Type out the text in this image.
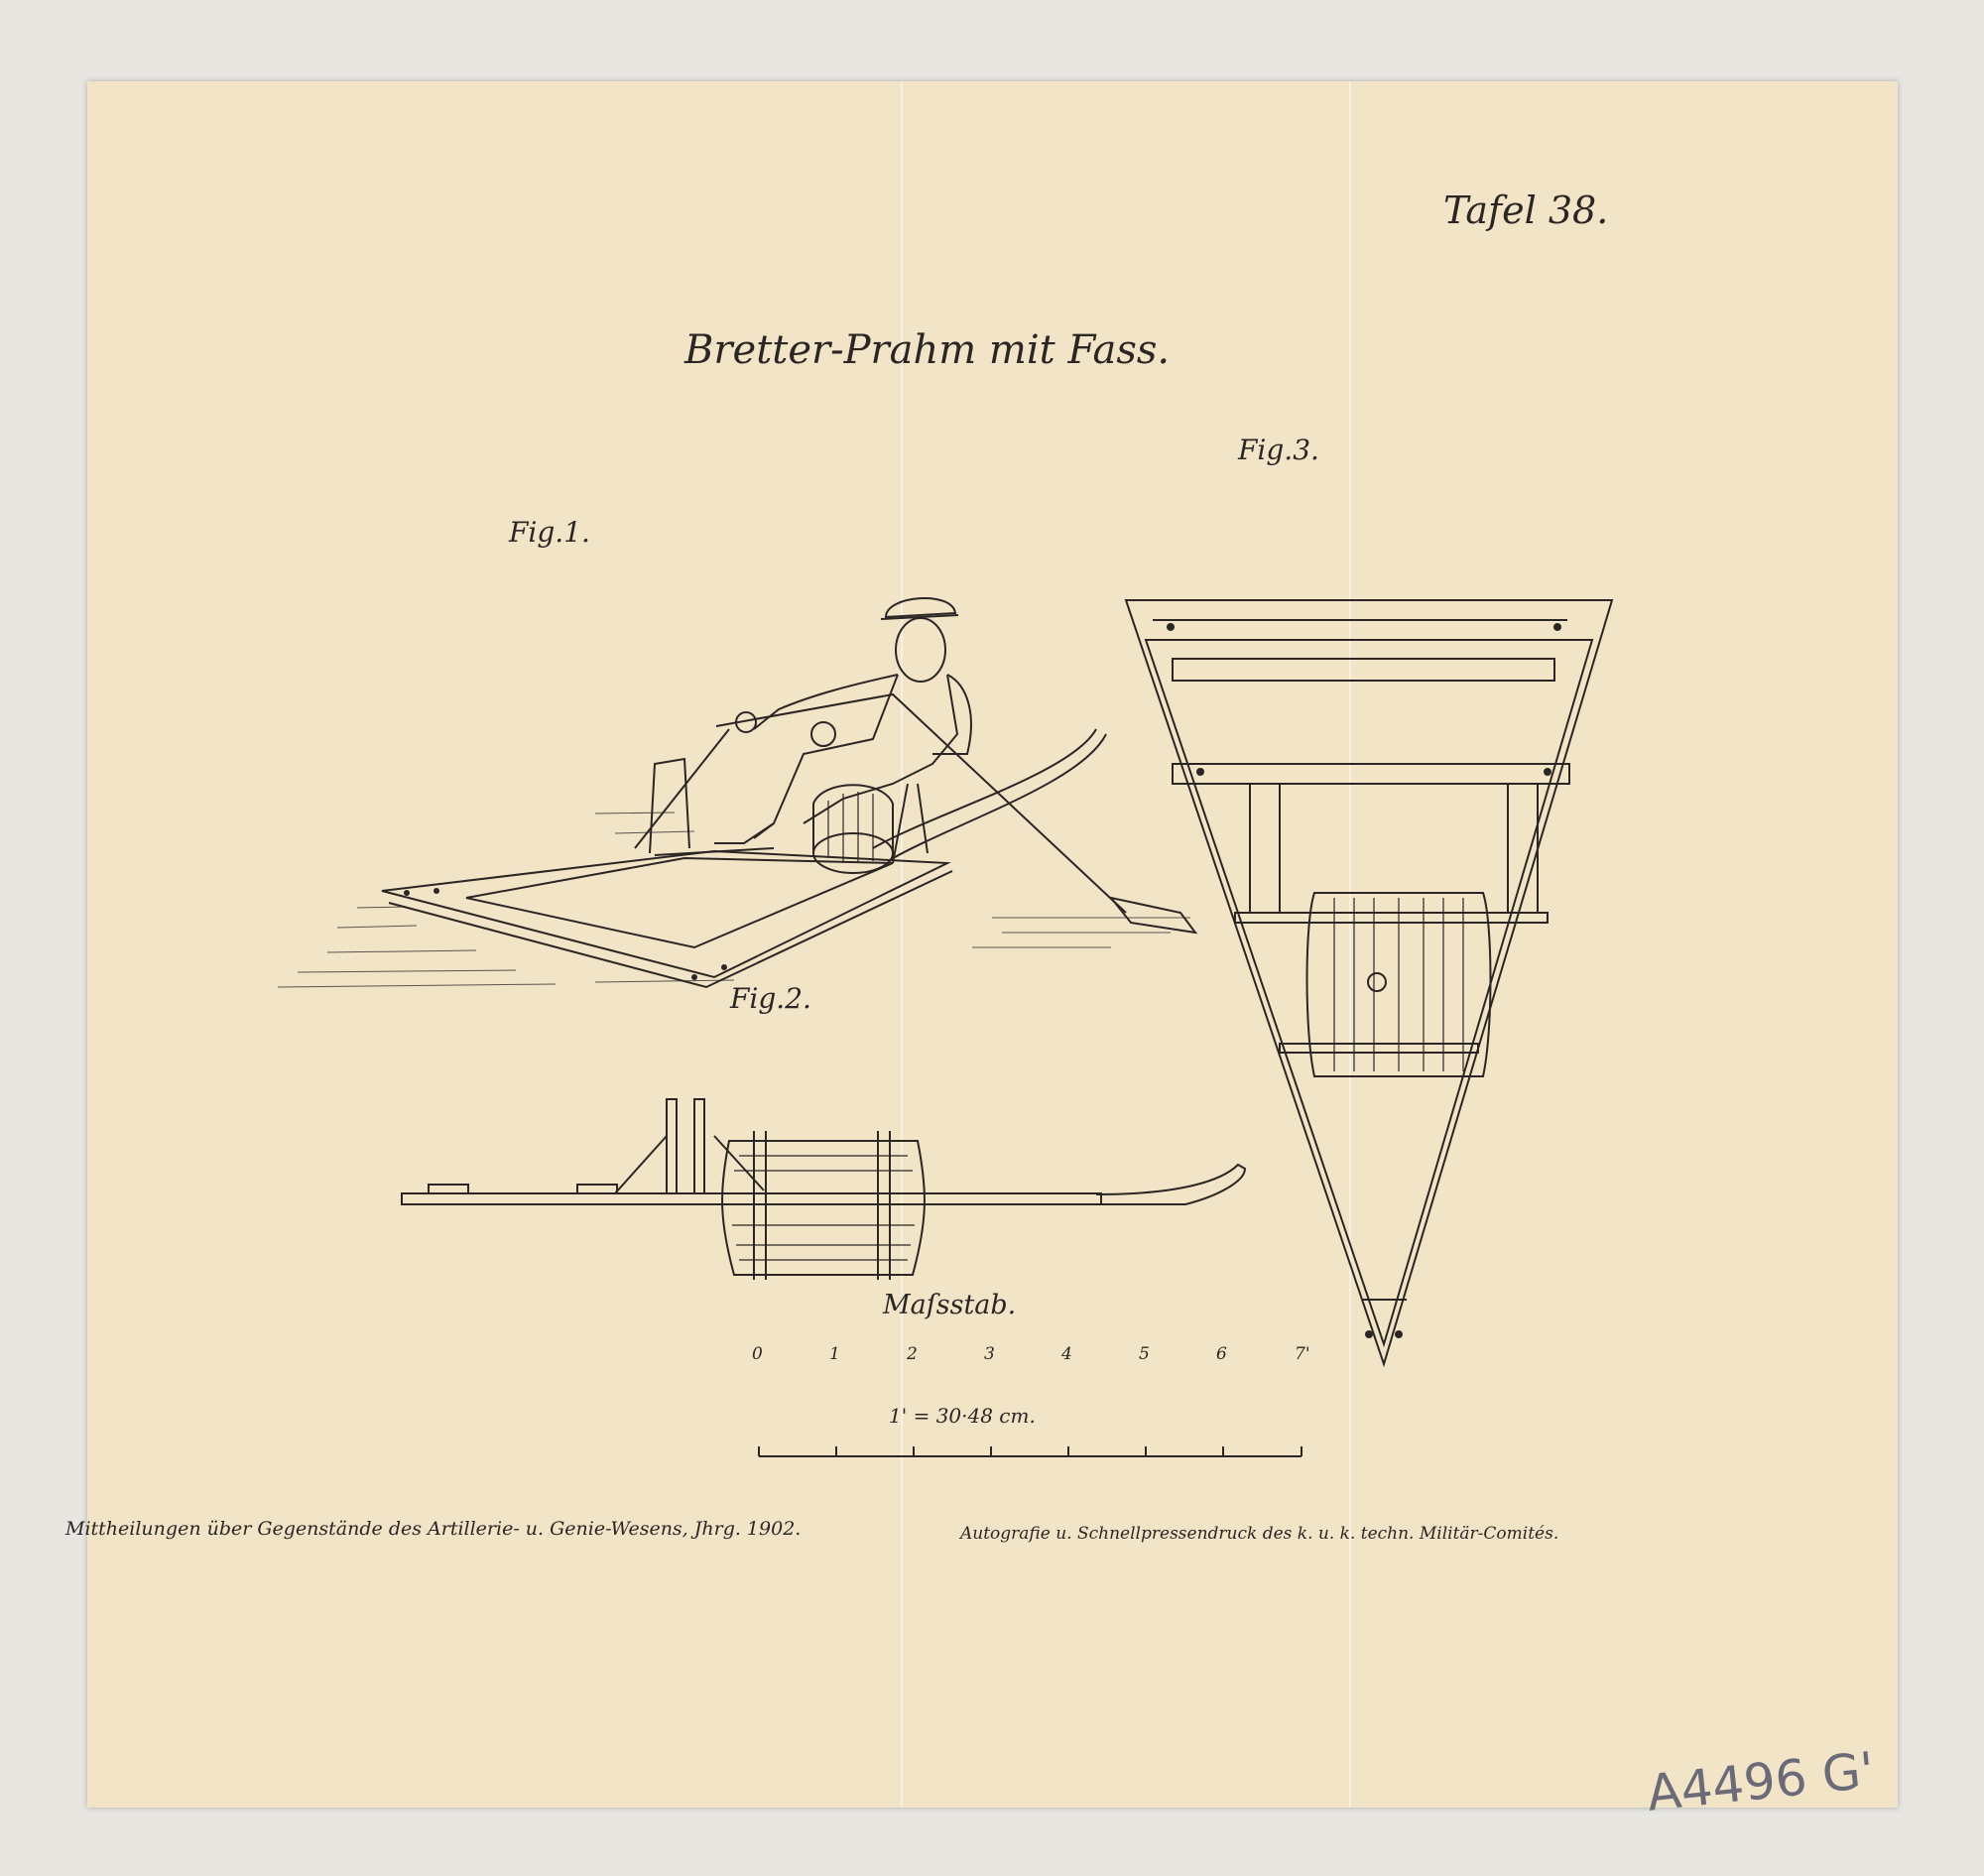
Tafel 38.
Bretter-Prahm mit Fass.
Fig.1.
Fig.2.
Fig.3.
Maſsstab.
0	1	2	3	4	5	6	7'
1' = 30·48 cm.
Mittheilungen über Gegenstände des Artillerie- u. Genie-Wesens, Jhrg. 1902.	Autografie u. Schnellpressendruck des k. u. k. techn. Militär-Comités.
A4496 G'
